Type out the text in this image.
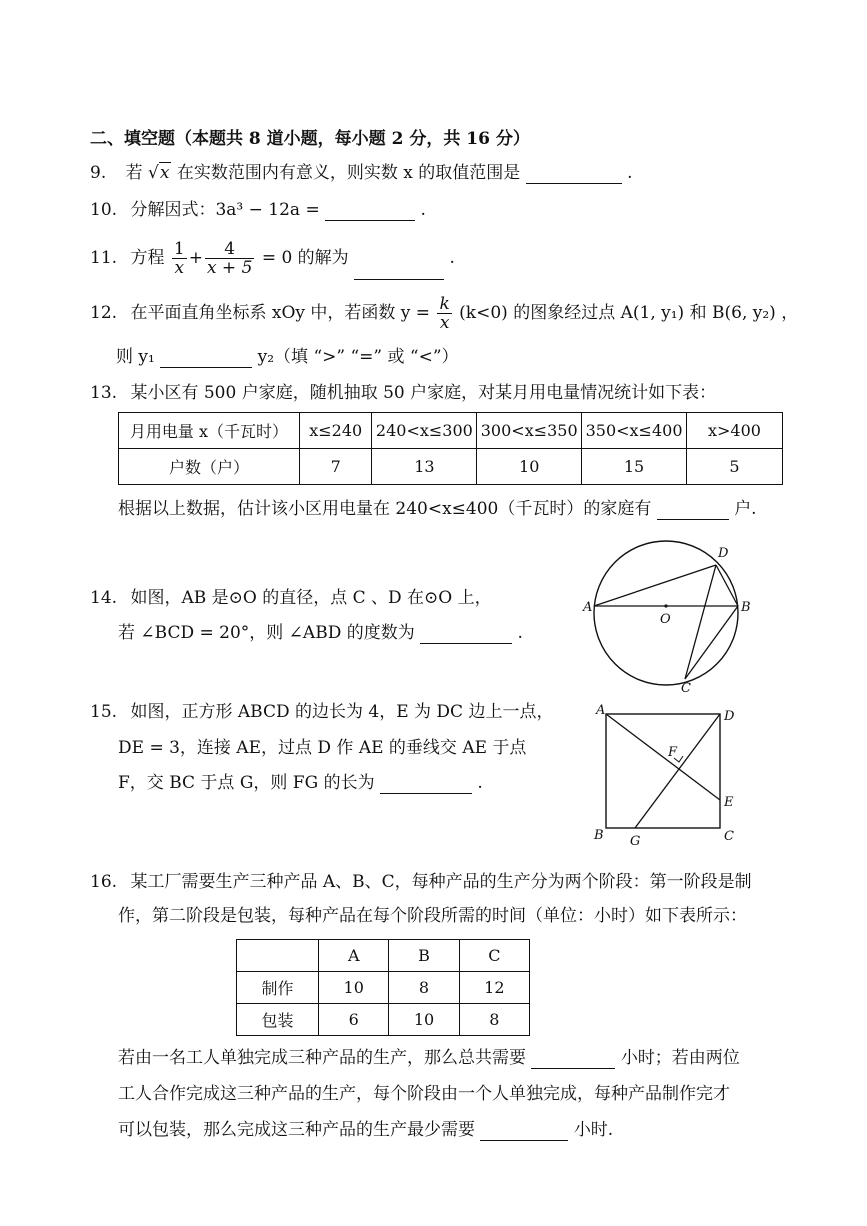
二、填空题（本题共 8 道小题，每小题 2 分，共 16 分）
9. 若 √x 在实数范围内有意义，则实数 x 的取值范围是	.
10. 分解因式：3a³ − 12a =	.
11. 方程 $\frac{1}{x} + \frac{4}{x + 5} = 0$ 的解为	.
12. 在平面直角坐标系 xOy 中，若函数 $y = \frac{k}{x} (k<0)$ 的图象经过点 A(1, y₁) 和 B(6, y₂) ，
则 y₁	y₂（填 “>” “=” 或 “<”）
13. 某小区有 500 户家庭，随机抽取 50 户家庭，对某月用电量情况统计如下表：
月用电量 x（千瓦时）	x≤240	240<x≤300	300<x≤350	350<x≤400	x>400
户数（户）	7	13	10	15	5
根据以上数据，估计该小区用电量在 240<x≤400（千瓦时）的家庭有	户.
14. 如图，AB 是⊙O 的直径，点 C 、D 在⊙O 上，
若 ∠BCD = 20°，则 ∠ABD 的度数为	.
A	B
O
D
C
15. 如图，正方形 ABCD 的边长为 4，E 为 DC 边上一点，
DE = 3，连接 AE，过点 D 作 AE 的垂线交 AE 于点
F，交 BC 于点 G，则 FG 的长为	.
A	D
B	C
E
F
G
16. 某工厂需要生产三种产品 A、B、C，每种产品的生产分为两个阶段：第一阶段是制
作，第二阶段是包装，每种产品在每个阶段所需的时间（单位：小时）如下表所示：
	A	B	C
制作	10	8	12
包装	6	10	8
若由一名工人单独完成三种产品的生产，那么总共需要	小时；若由两位
工人合作完成这三种产品的生产，每个阶段由一个人单独完成，每种产品制作完才
可以包装，那么完成这三种产品的生产最少需要	小时.
